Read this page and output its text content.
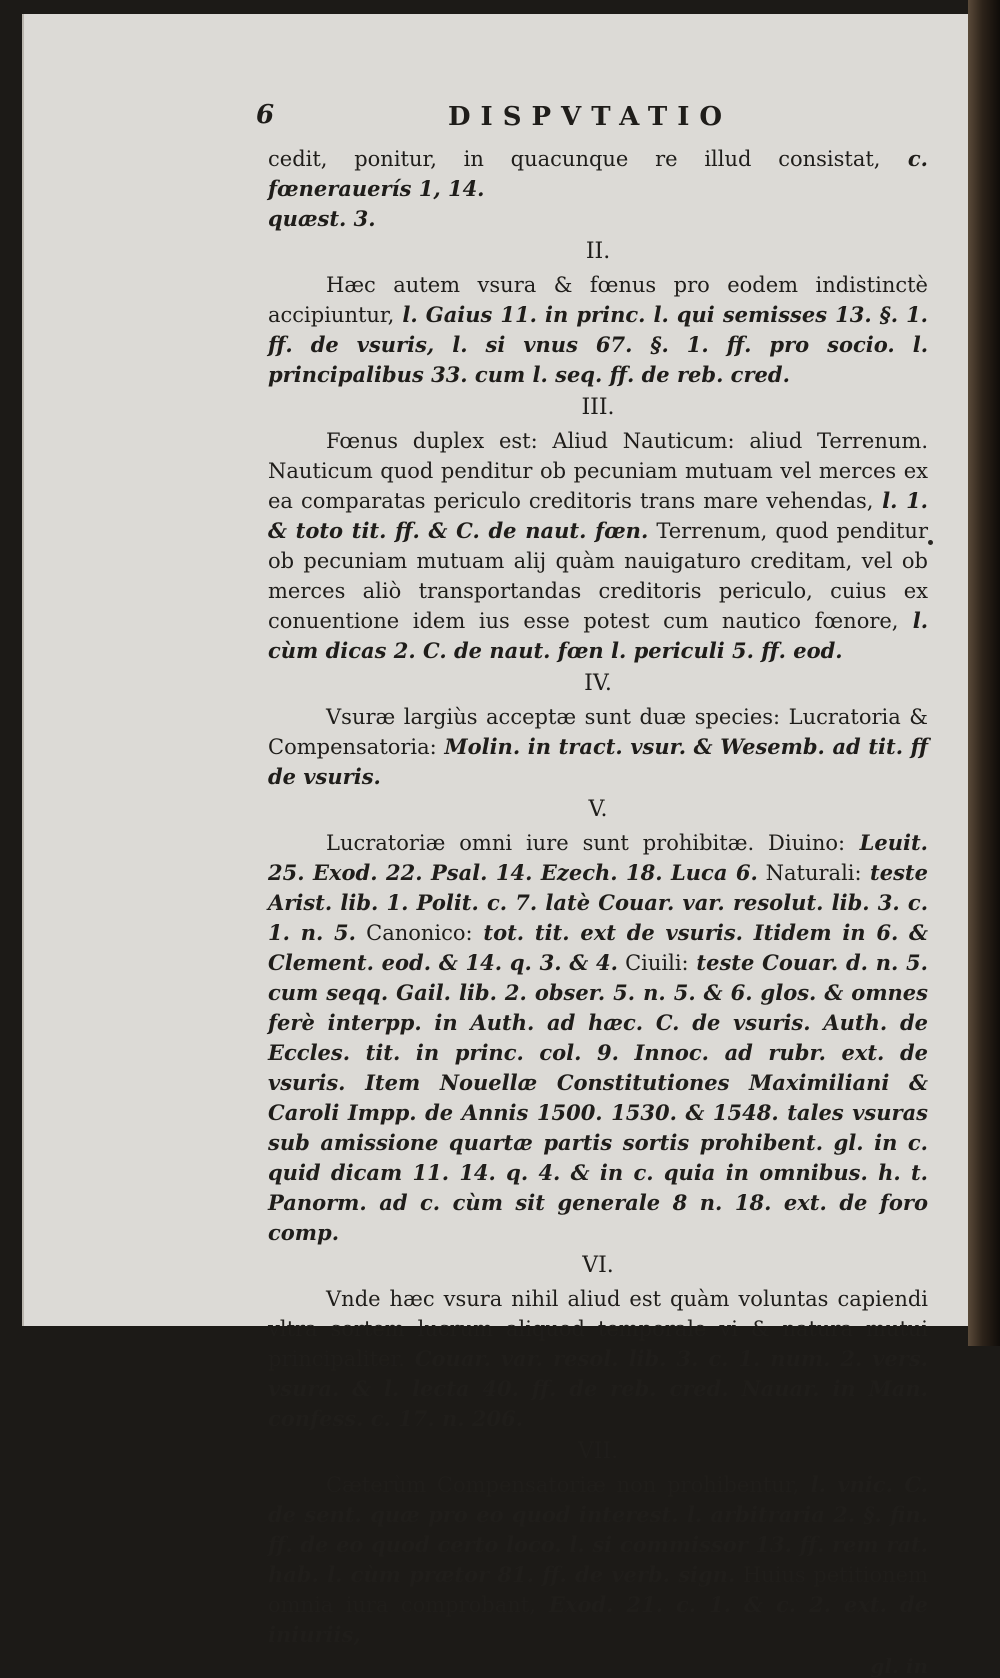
6	DISPVTATIO

cedit, ponitur, in quacunque re illud consistat, c. fœnerauerís 1, 14.
quæst. 3.

II.

Hæc autem vsura & fœnus pro eodem indistinctè accipiuntur, l. Gaius 11. in princ. l. qui semisses 13. §. 1. ff. de vsuris, l. si vnus 67. §. 1. ff. pro socio. l. principalibus 33. cum l. seq. ff. de reb. cred.

III.

Fœnus duplex est: Aliud Nauticum: aliud Terrenum. Nauticum quod penditur ob pecuniam mutuam vel merces ex ea comparatas periculo creditoris trans mare vehendas, l. 1. & toto tit. ff. & C. de naut. fœn. Terrenum, quod penditur ob pecuniam mutuam alij quàm nauigaturo creditam, vel ob merces aliò transportandas creditoris periculo, cuius ex conuentione idem ius esse potest cum nautico fœnore, l. cùm dicas 2. C. de naut. fœn l. periculi 5. ff. eod.

IV.

Vsuræ largiùs acceptæ sunt duæ species: Lucratoria & Compensatoria: Molin. in tract. vsur. & Wesemb. ad tit. ff de vsuris.

V.

Lucratoriæ omni iure sunt prohibitæ. Diuino: Leuit. 25. Exod. 22. Psal. 14. Ezech. 18. Luca 6. Naturali: teste Arist. lib. 1. Polit. c. 7. latè Couar. var. resolut. lib. 3. c. 1. n. 5. Canonico: tot. tit. ext de vsuris. Itidem in 6. & Clement. eod. & 14. q. 3. & 4. Ciuili: teste Couar. d. n. 5. cum seqq. Gail. lib. 2. obser. 5. n. 5. & 6. glos. & omnes ferè interpp. in Auth. ad hæc. C. de vsuris. Auth. de Eccles. tit. in princ. col. 9. Innoc. ad rubr. ext. de vsuris. Item Nouellæ Constitutiones Maximiliani & Caroli Impp. de Annis 1500. 1530. & 1548. tales vsuras sub amissione quartæ partis sortis prohibent. gl. in c. quid dicam 11. 14. q. 4. & in c. quia in omnibus. h. t. Panorm. ad c. cùm sit generale 8 n. 18. ext. de foro comp.

VI.

Vnde hæc vsura nihil aliud est quàm voluntas capiendi vltra sortem lucrum aliquod temporale vi & natura mutui principaliter. Couar. var. resol. lib. 3. c. 1. num. 2. vers. vsura. & l. lecta 40. ff. de reb. cred. Nauar. in Man. confess. c. 17. n. 206.

VII.

Cæterùm Compensatoriæ non prohibentur, l. vnic. C. de sent. quæ pro eo quod interest. l. arbitraria 2. §. fin. ff. de eo quod certo loco. l. si commissor 13. ff. rem rat. hab. l. cùm prætor 81. ff. de verb. sign. Huius petitionem omnia iura comprobant, Exod. 21. c. 1. & c. 2. ext. de iniuriis,

gl. in
